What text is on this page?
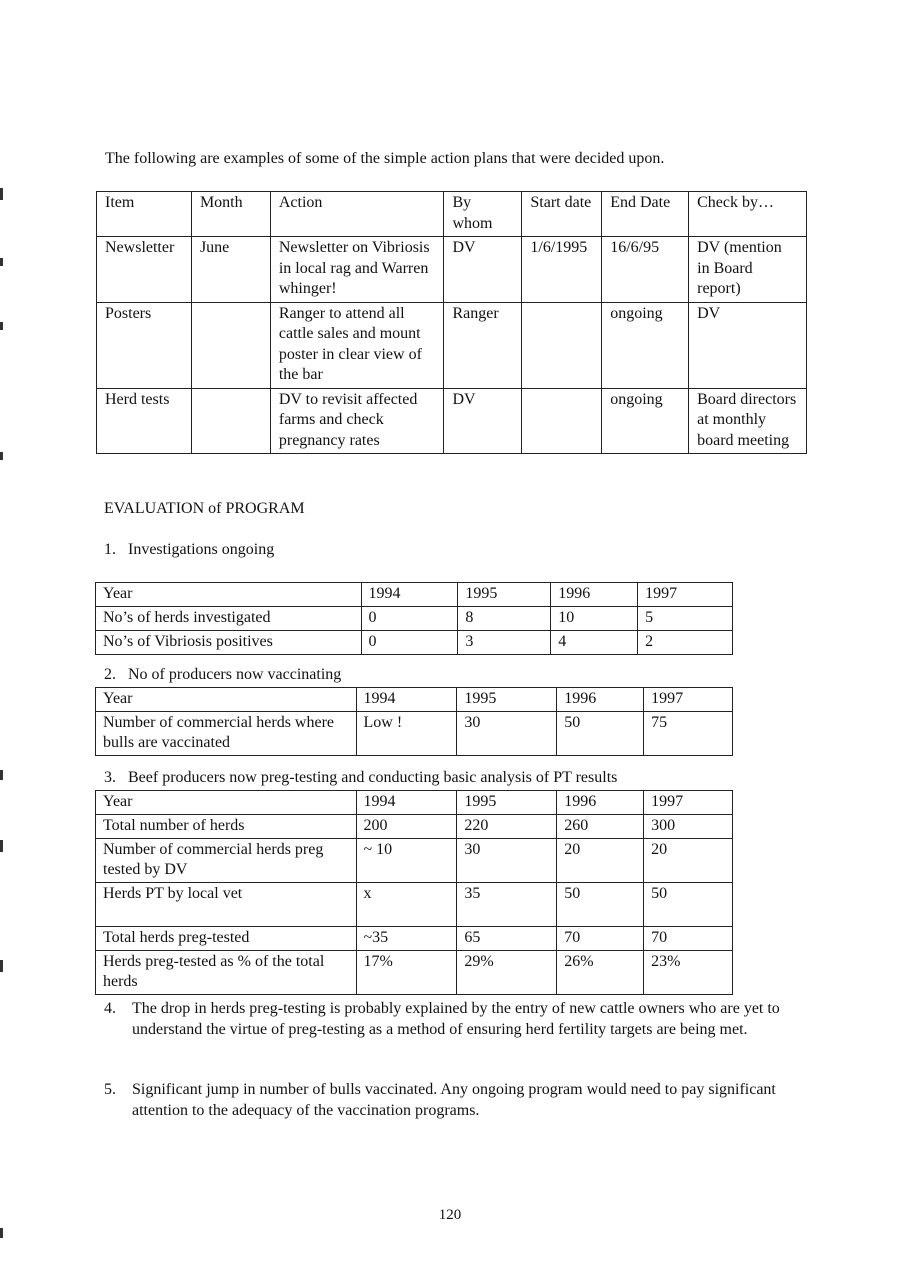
The following are examples of some of the simple action plans that were decided upon.
Item	Month	Action	By whom	Start date	End Date	Check by…
Newsletter	June	Newsletter on Vibriosis in local rag and Warren whinger!	DV	1/6/1995	16/6/95	DV (mention in Board report)
Posters		Ranger to attend all cattle sales and mount poster in clear view of the bar	Ranger		ongoing	DV
Herd tests		DV to revisit affected farms and check pregnancy rates	DV		ongoing	Board directors at monthly board meeting
EVALUATION of PROGRAM
1. Investigations ongoing
Year	1994	1995	1996	1997
No’s of herds investigated	0	8	10	5
No’s of Vibriosis positives	0	3	4	2
2. No of producers now vaccinating
Year	1994	1995	1996	1997
Number of commercial herds where bulls are vaccinated	Low !	30	50	75
3. Beef producers now preg-testing and conducting basic analysis of PT results
Year	1994	1995	1996	1997
Total number of herds	200	220	260	300
Number of commercial herds preg tested by DV	~ 10	30	20	20
Herds PT by local vet	x	35	50	50
Total herds preg-tested	~35	65	70	70
Herds preg-tested as % of the total herds	17%	29%	26%	23%
4. The drop in herds preg-testing is probably explained by the entry of new cattle owners who are yet to understand the virtue of preg-testing as a method of ensuring herd fertility targets are being met.
5. Significant jump in number of bulls vaccinated. Any ongoing program would need to pay significant attention to the adequacy of the vaccination programs.
120
